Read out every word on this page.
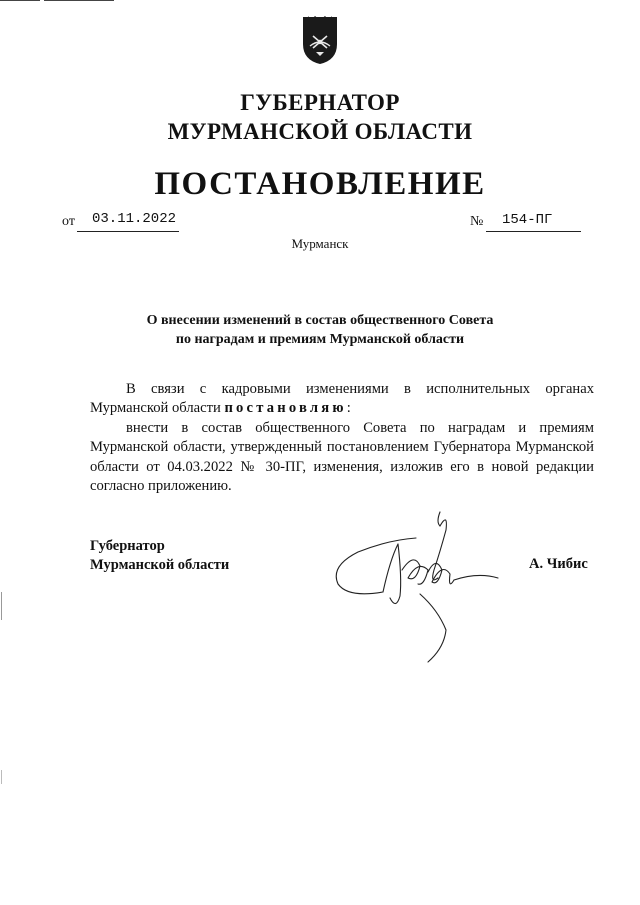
ГУБЕРНАТОР
МУРМАНСКОЙ ОБЛАСТИ
ПОСТАНОВЛЕНИЕ
от 03.11.2022	№ 154-ПГ
Мурманск
О внесении изменений в состав общественного Совета
по наградам и премиям Мурманской области
В связи с кадровыми изменениями в исполнительных органах Мурманской области постановляю:
внести в состав общественного Совета по наградам и премиям Мурманской области, утвержденный постановлением Губернатора Мурманской области от 04.03.2022 № 30-ПГ, изменения, изложив его в новой редакции согласно приложению.
Губернатор
Мурманской области	А. Чибис
